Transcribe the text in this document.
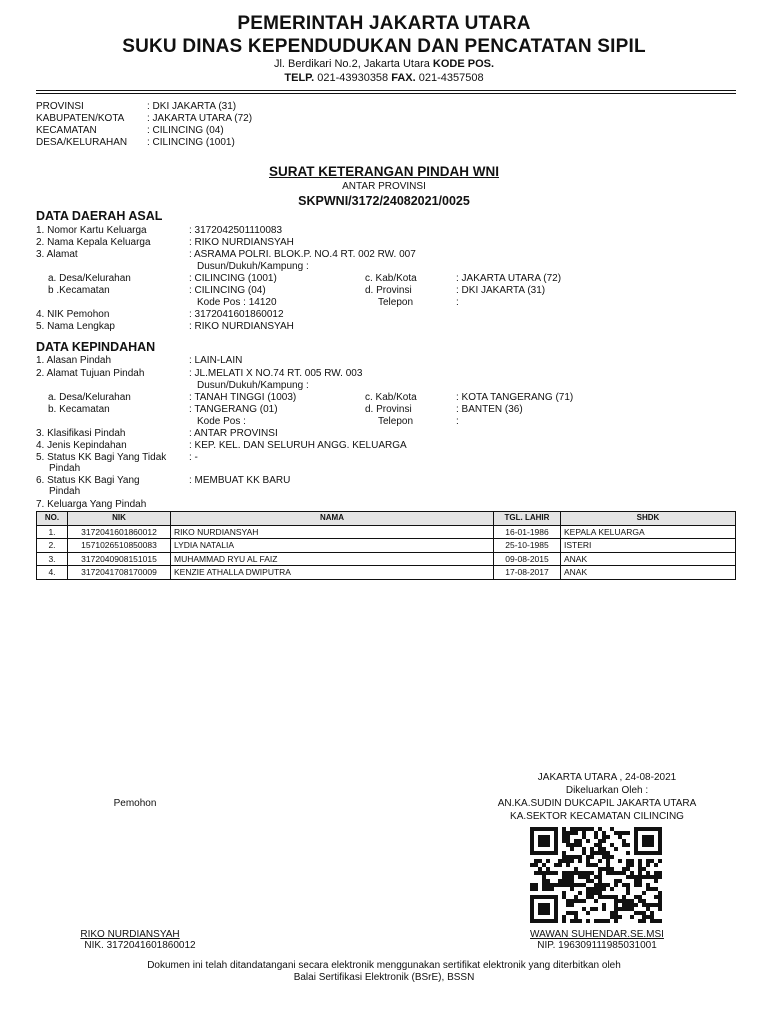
PEMERINTAH JAKARTA UTARA
SUKU DINAS KEPENDUDUKAN DAN PENCATATAN SIPIL
Jl. Berdikari No.2, Jakarta Utara KODE POS.
TELP. 021-43930358 FAX. 021-4357508
PROVINSI	: DKI JAKARTA (31)
KABUPATEN/KOTA : JAKARTA UTARA (72)
KECAMATAN	: CILINCING (04)
DESA/KELURAHAN : CILINCING (1001)
SURAT KETERANGAN PINDAH WNI
ANTAR PROVINSI
SKPWNI/3172/24082021/0025
DATA DAERAH ASAL
1. Nomor Kartu Keluarga	: 3172042501110083
2. Nama Kepala Keluarga	: RIKO NURDIANSYAH
3. Alamat	: ASRAMA POLRI. BLOK.P. NO.4 RT. 002 RW. 007
Dusun/Dukuh/Kampung :
a. Desa/Kelurahan	: CILINCING (1001)	c. Kab/Kota	: JAKARTA UTARA (72)
b .Kecamatan	: CILINCING (04)	d. Provinsi	: DKI JAKARTA (31)
Kode Pos : 14120	Telepon	:
4. NIK Pemohon	: 3172041601860012
5. Nama Lengkap	: RIKO NURDIANSYAH
DATA KEPINDAHAN
1. Alasan Pindah	: LAIN-LAIN
2. Alamat Tujuan Pindah	: JL.MELATI X NO.74 RT. 005 RW. 003
Dusun/Dukuh/Kampung :
a. Desa/Kelurahan	: TANAH TINGGI (1003)	c. Kab/Kota	: KOTA TANGERANG (71)
b. Kecamatan	: TANGERANG (01)	d. Provinsi	: BANTEN (36)
Kode Pos :	Telepon	:
3. Klasifikasi Pindah	: ANTAR PROVINSI
4. Jenis Kepindahan	: KEP. KEL. DAN SELURUH ANGG. KELUARGA
5. Status KK Bagi Yang Tidak : -
Pindah
6. Status KK Bagi Yang	: MEMBUAT KK BARU
Pindah
7. Keluarga Yang Pindah
NO.	NIK	NAMA	TGL. LAHIR	SHDK
1.	3172041601860012	RIKO NURDIANSYAH	16-01-1986	KEPALA KELUARGA
2.	1571026510850083	LYDIA NATALIA	25-10-1985	ISTERI
3.	3172040908151015	MUHAMMAD RYU AL FAIZ	09-08-2015	ANAK
4.	3172041708170009	KENZIE ATHALLA DWIPUTRA	17-08-2017	ANAK
JAKARTA UTARA , 24-08-2021
Dikeluarkan Oleh :
AN.KA.SUDIN DUKCAPIL JAKARTA UTARA
KA.SEKTOR KECAMATAN CILINCING
Pemohon
RIKO NURDIANSYAH
NIK. 3172041601860012
WAWAN SUHENDAR.SE.MSI
NIP. 196309111985031001
Dokumen ini telah ditandatangani secara elektronik menggunakan sertifikat elektronik yang diterbitkan oleh
Balai Sertifikasi Elektronik (BSrE), BSSN
